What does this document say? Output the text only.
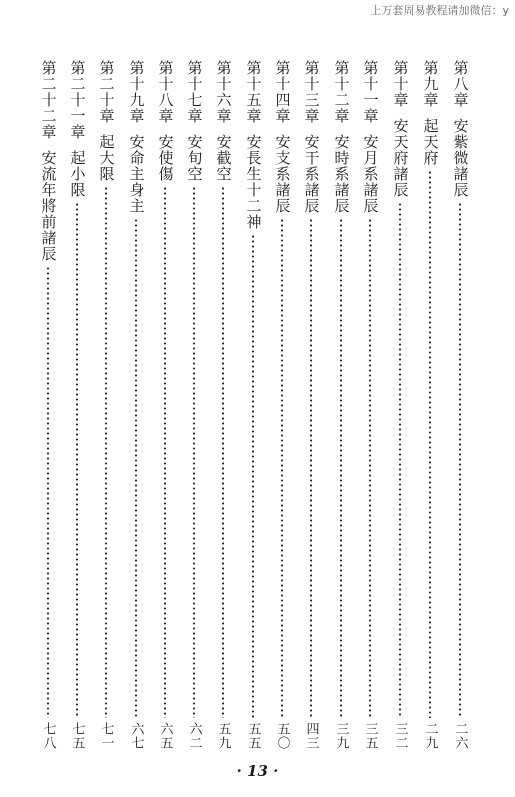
上万套周易教程请加微信：y
第八章
安紫微諸辰
二六
第九章
起天府
二九
第十章
安天府諸辰
三二
第十一章
安月系諸辰
三五
第十二章
安時系諸辰
三九
第十三章
安干系諸辰
四三
第十四章
安支系諸辰
五〇
第十五章
安長生十二神
五五
第十六章
安截空
五九
第十七章
安旬空
六二
第十八章
安使傷
六五
第十九章
安命主身主
六七
第二十章
起大限
七一
第二十一章
起小限
七五
第二十二章
安流年將前諸辰
七八
· 13 ·
